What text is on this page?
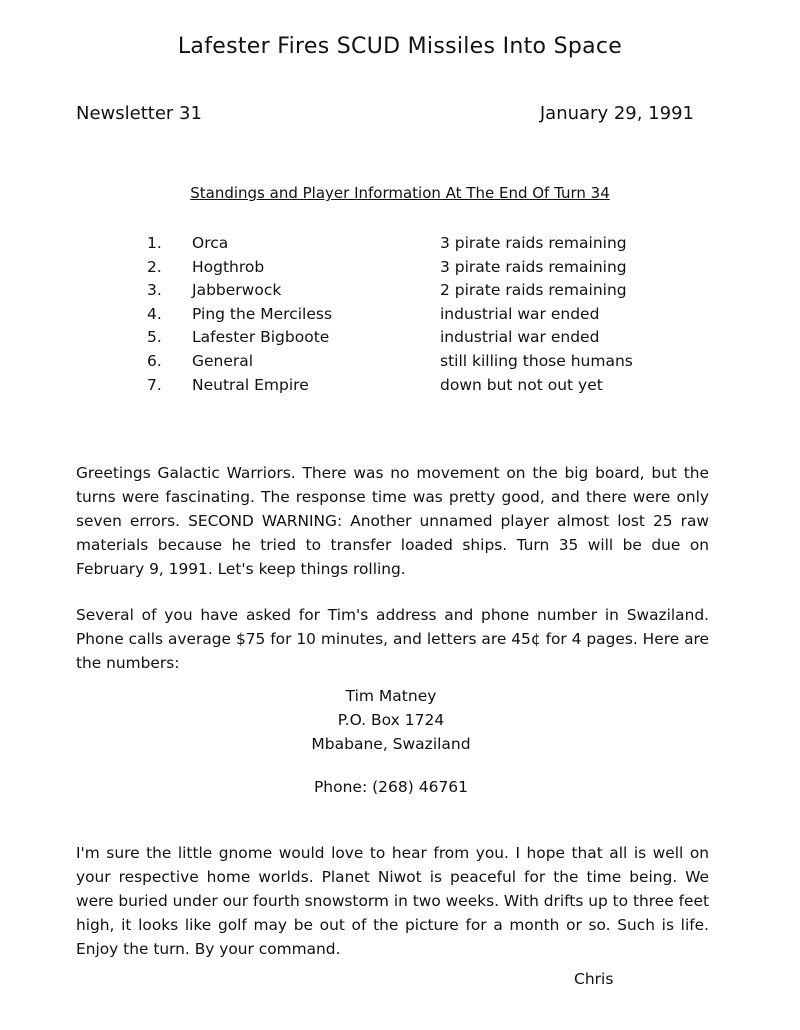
Lafester Fires SCUD Missiles Into Space
Newsletter 31	January 29, 1991
Standings and Player Information At The End Of Turn 34
1. Orca	3 pirate raids remaining
2. Hogthrob	3 pirate raids remaining
3. Jabberwock	2 pirate raids remaining
4. Ping the Merciless	industrial war ended
5. Lafester Bigboote	industrial war ended
6. General	still killing those humans
7. Neutral Empire	down but not out yet

Greetings Galactic Warriors. There was no movement on the big board, but the turns were fascinating. The response time was pretty good, and there were only seven errors. SECOND WARNING: Another unnamed player almost lost 25 raw materials because he tried to transfer loaded ships. Turn 35 will be due on February 9, 1991. Let's keep things rolling.

Several of you have asked for Tim's address and phone number in Swaziland. Phone calls average $75 for 10 minutes, and letters are 45¢ for 4 pages. Here are the numbers:

Tim Matney
P.O. Box 1724
Mbabane, Swaziland
Phone: (268) 46761

I'm sure the little gnome would love to hear from you. I hope that all is well on your respective home worlds. Planet Niwot is peaceful for the time being. We were buried under our fourth snowstorm in two weeks. With drifts up to three feet high, it looks like golf may be out of the picture for a month or so. Such is life. Enjoy the turn. By your command.

Chris
